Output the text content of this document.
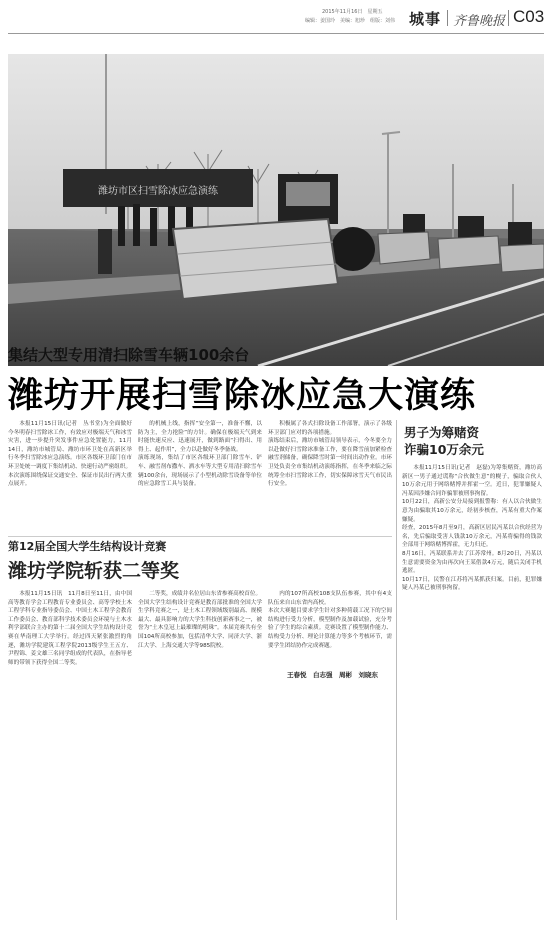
2015年11月16日　星期五
编辑：姜国玲　美编：旭珍　组版：刘伟 城事 齐鲁晚报 C03
潍坊市区扫雪除冰应急演练
集结大型专用清扫除雪车辆100余台
潍坊开展扫雪除冰应急大演练

本报11月15日讯(记者　丛书堂)为全面做好今冬明春扫雪除冰工作，有效应对极端天气和冰雪灾害，进一步提升突发事件应急处置能力，11月14日，潍坊市城管局、潍坊市环卫处在高新区举行冬季扫雪除冰应急演练。市区各级环卫部门在市环卫处统一调度下集结机动、快速行动严密组织。
本次演练围绕保证交通安全、保证市民出行两大重点展开。

的机械上线，指挥“安全第一，准备不懈，以防为主，全力抢险”的方针。确保在极端天气到来时能快速反应、迅速展开，做到路面“扫得出、用得上、起作用”，全力以赴做好冬季备战。
演练现场，集结了市区各级环卫部门除雪车、铲车、融雪剂布撒车、洒水车等大型专用清扫除雪车辆100余台，现场展示了小型机动除雪设备等单位的应急除雪工具与装备。

积极属了各式扫除设备工作部署，演示了各级环卫部门应对的各项措施。
演练结束后，潍坊市城管局领导表示，今冬要全力以赴做好扫雪除冰准备工作，要在降雪前加紧检查融雪剂储备，确保降雪时第一时间出动作业。市环卫处负责全市集结机动演练指挥，在冬季来临之际统筹全市扫雪除冰工作，切实保障冰雪天气市民出行安全。

第12届全国大学生结构设计竞赛
潍坊学院斩获二等奖

本报11月15日讯　11月8日至11日，由中国高等教育学会工程教育专业委员会、高等学校土木工程学科专业指导委员会、中国土木工程学会教育工作委员会、教育部科学技术委员会环境与土木水利学部联合主办的第十二届全国大学生结构设计竞赛在华南理工大学举行。经过四天紧张激烈的角逐，潍坊学院建筑工程学院2013级学生王五方、尹程锦、姜文雄三名同学组成的代表队，在指导老师的带领下获得全国二等奖。

二等奖，成绩并名位居山东省参赛高校首位。
全国大学生结构设计竞赛是教育部批准的全国大学生学科竞赛之一，是土木工程领域级别最高、规模最大、最具影响力的大学生科技创新赛事之一，被誉为“土木皇冠上最璀璨的明珠”。本届竞赛共有全国104所高校参加，包括清华大学、同济大学、浙江大学、上海交通大学等985院校。

内的107所高校108支队伍参赛，其中有4支队伍来自山东省内高校。
本次大赛题目要求学生针对多种荷载工况下的空间结构进行受力分析，模型制作及加载试验，充分考验了学生的综合素质。竞赛设置了模型制作能力、结构受力分析、理论计算能力等多个考核环节，需要学生团结协作完成赛题。

王春悦　白志强　周彬　刘晓东
男子为筹赌资
诈骗10万余元

本报11月15日讯(记者　赵磊)为筹集赌资，潍坊高新区一男子通过谎称“合伙做生意”的幌子，骗取合伙人10万余元用于网络赌博并挥霍一空。近日，犯罪嫌疑人冯某因涉嫌合同诈骗罪被刑事拘留。
10月22日，高新公安分局接到报警称：有人以合伙做生意为由骗取其10万余元，经初步核查，冯某有重大作案嫌疑。
经查，2015年8月至9月，高新区居民冯某以合伙经营为名，先后骗取受害人钱款10万余元，冯某将骗得的钱款全部用于网络赌博挥霍，无力归还。
8月16日，冯某联系并去了江苏常州。8月20日，冯某以生意需要资金为由再次向王某借款4万元，随后关闭手机逃匿。
10月17日，民警在江苏将冯某抓获归案。目前，犯罪嫌疑人冯某已被刑事拘留。
